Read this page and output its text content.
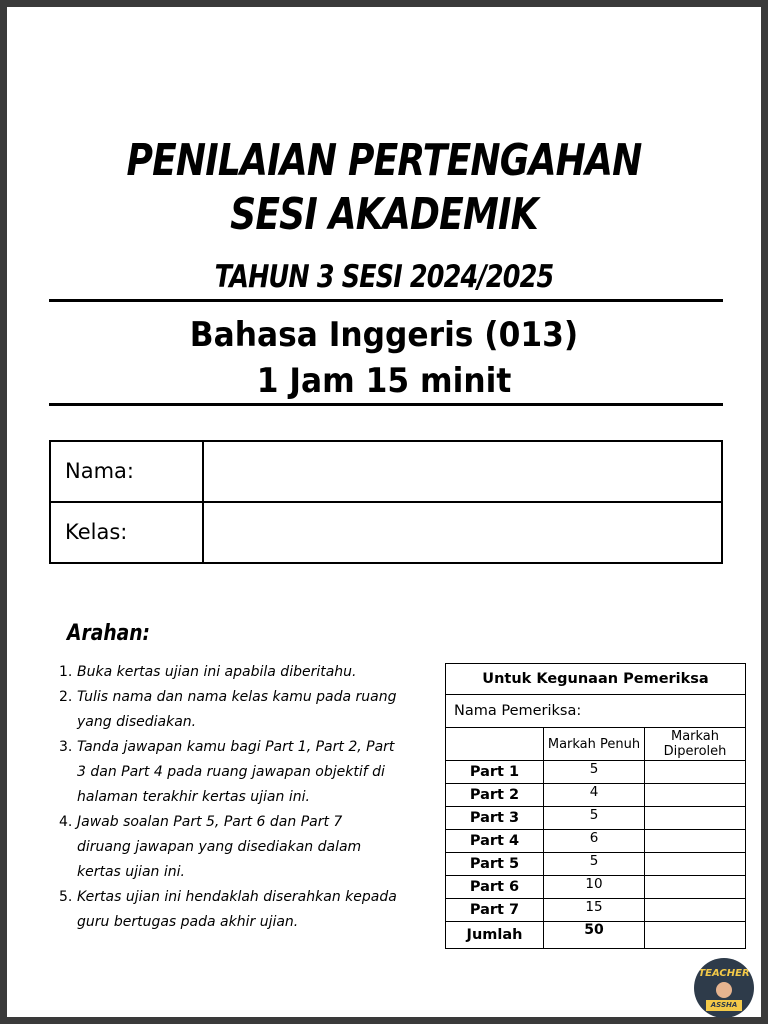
PENILAIAN PERTENGAHAN
SESI AKADEMIK
TAHUN 3 SESI 2024/2025
Bahasa Inggeris (013)
1 Jam 15 minit
Nama:
Kelas:
Arahan:
1. Buka kertas ujian ini apabila diberitahu.
2. Tulis nama dan nama kelas kamu pada ruang yang disediakan.
3. Tanda jawapan kamu bagi Part 1, Part 2, Part 3 dan Part 4 pada ruang jawapan objektif di halaman terakhir kertas ujian ini.
4. Jawab soalan Part 5, Part 6 dan Part 7 diruang jawapan yang disediakan dalam kertas ujian ini.
5. Kertas ujian ini hendaklah diserahkan kepada guru bertugas pada akhir ujian.
Untuk Kegunaan Pemeriksa		
Nama Pemeriksa:		
	Markah Penuh	Markah Diperoleh
Part 1	5	
Part 2	4	
Part 3	5	
Part 4	6	
Part 5	5	
Part 6	10	
Part 7	15	
Jumlah	50	
TEACHER
ASSHA
